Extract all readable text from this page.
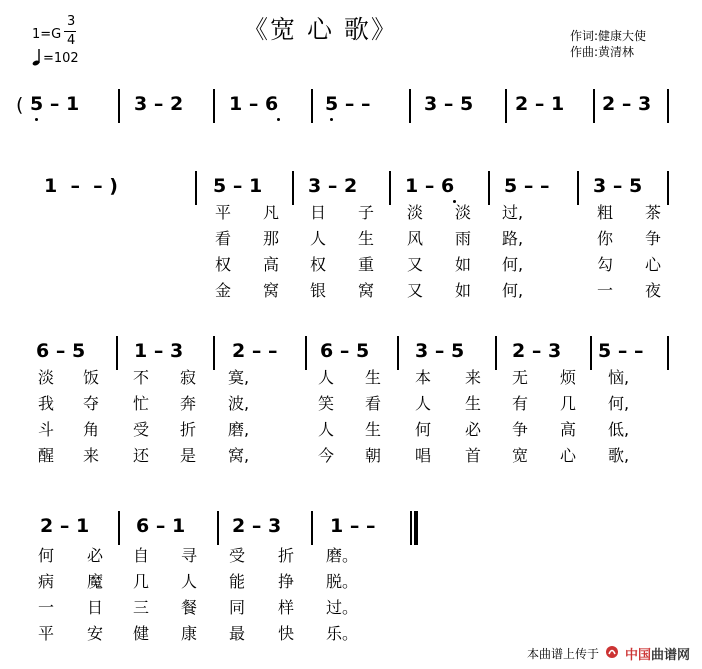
《宽 心 歌》
1=G
3
4
=102
作词:健康大使
作曲:黄清林
( 5 – 1	3 – 2 1 – 6 5 – –	3 – 5 2 – 1 2 – 3
1  –  – )	5 – 1 3 – 2	1 – 6	5 – – 3 – 5
平 凡 日 子 淡 淡 过,	粗 茶
看 那 人 生 风 雨 路,	你 争
权 高 权 重 又 如 何,	勾 心
金 窝 银 窝 又 如 何,	一 夜
6 – 5	1 – 3	2 – – 6 – 5 3 – 5	2 – 3 5 – –
淡 饭 不 寂 寞,	人 生 本 来 无 烦 恼,
我 夺 忙 奔 波,	笑 看 人 生 有 几 何,
斗 角 受 折 磨,	人 生 何 必 争 高 低,
醒 来 还 是 窝,	今 朝 唱 首 宽 心 歌,
2 – 1 6 – 1 2 – 3	1 – –
何 必 自 寻 受 折 磨。
病 魔 几 人 能 挣 脱。
一 日 三 餐 同 样 过。
平 安 健 康 最 快 乐。
本曲谱上传于 中国曲谱网
